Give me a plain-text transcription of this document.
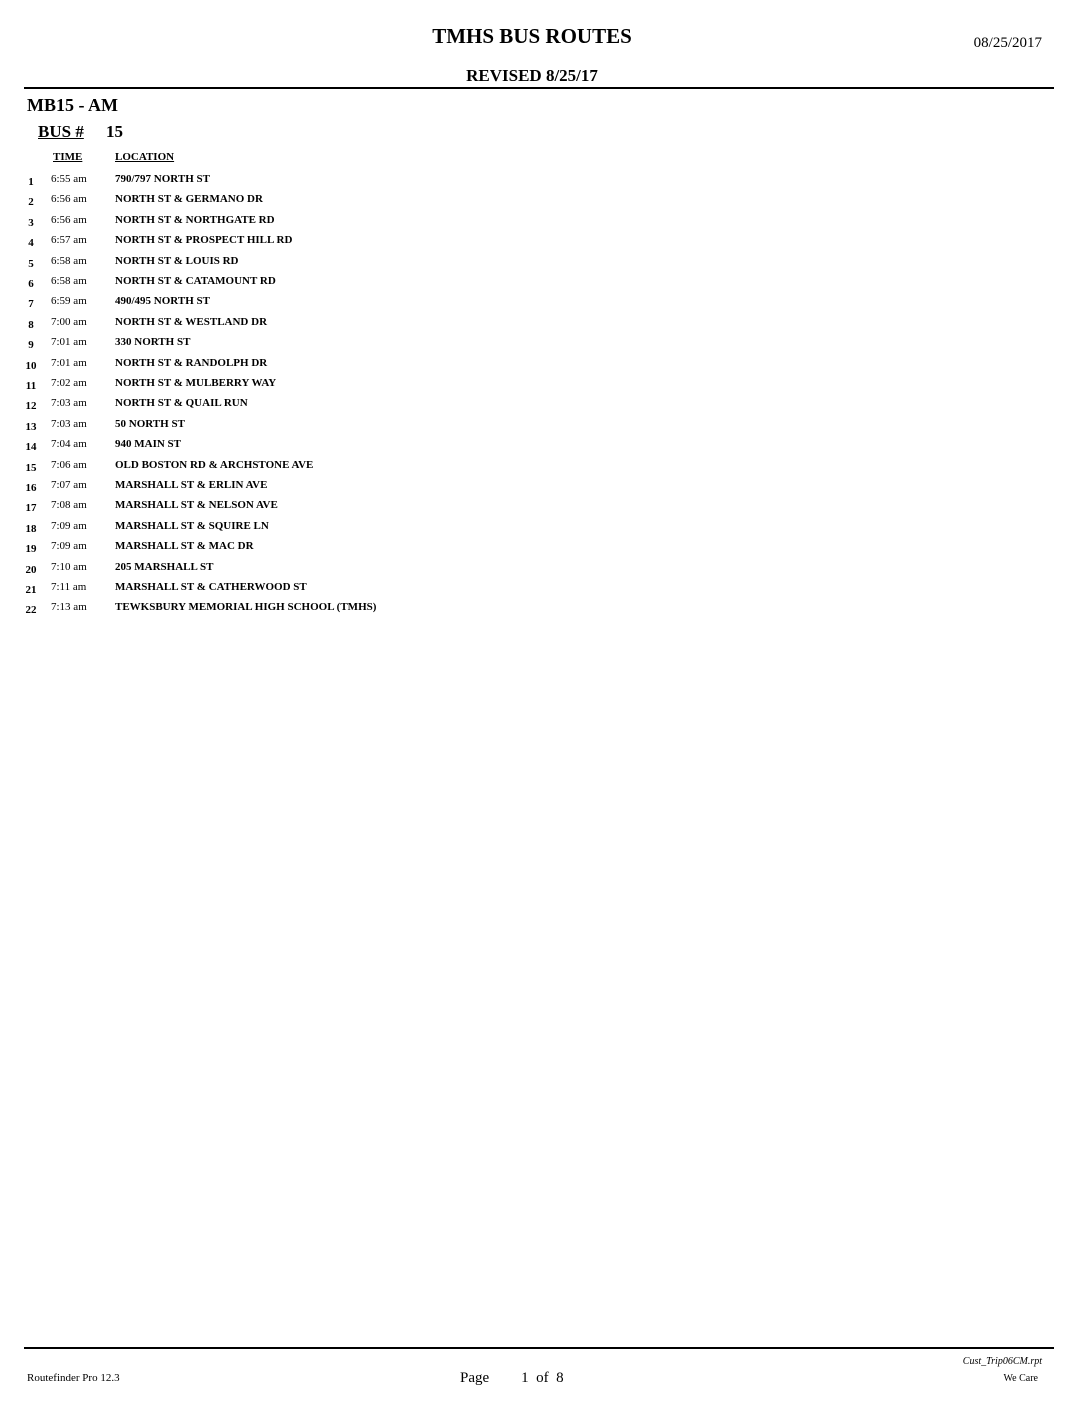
TMHS BUS ROUTES	08/25/2017
REVISED 8/25/17
MB15 - AM
BUS # 15
TIME	LOCATION
1	6:55 am	790/797 NORTH ST
2	6:56 am	NORTH ST & GERMANO DR
3	6:56 am	NORTH ST & NORTHGATE RD
4	6:57 am	NORTH ST & PROSPECT HILL RD
5	6:58 am	NORTH ST & LOUIS RD
6	6:58 am	NORTH ST & CATAMOUNT RD
7	6:59 am	490/495 NORTH ST
8	7:00 am	NORTH ST & WESTLAND DR
9	7:01 am	330 NORTH ST
10	7:01 am	NORTH ST & RANDOLPH DR
11	7:02 am	NORTH ST & MULBERRY WAY
12	7:03 am	NORTH ST & QUAIL RUN
13	7:03 am	50 NORTH ST
14	7:04 am	940 MAIN ST
15	7:06 am	OLD BOSTON RD & ARCHSTONE AVE
16	7:07 am	MARSHALL ST & ERLIN AVE
17	7:08 am	MARSHALL ST & NELSON AVE
18	7:09 am	MARSHALL ST & SQUIRE LN
19	7:09 am	MARSHALL ST & MAC DR
20	7:10 am	205 MARSHALL ST
21	7:11 am	MARSHALL ST & CATHERWOOD ST
22	7:13 am	TEWKSBURY MEMORIAL HIGH SCHOOL (TMHS)
Routefinder Pro 12.3	Page 1 of 8
Cust_Trip06CM.rpt
We Care
